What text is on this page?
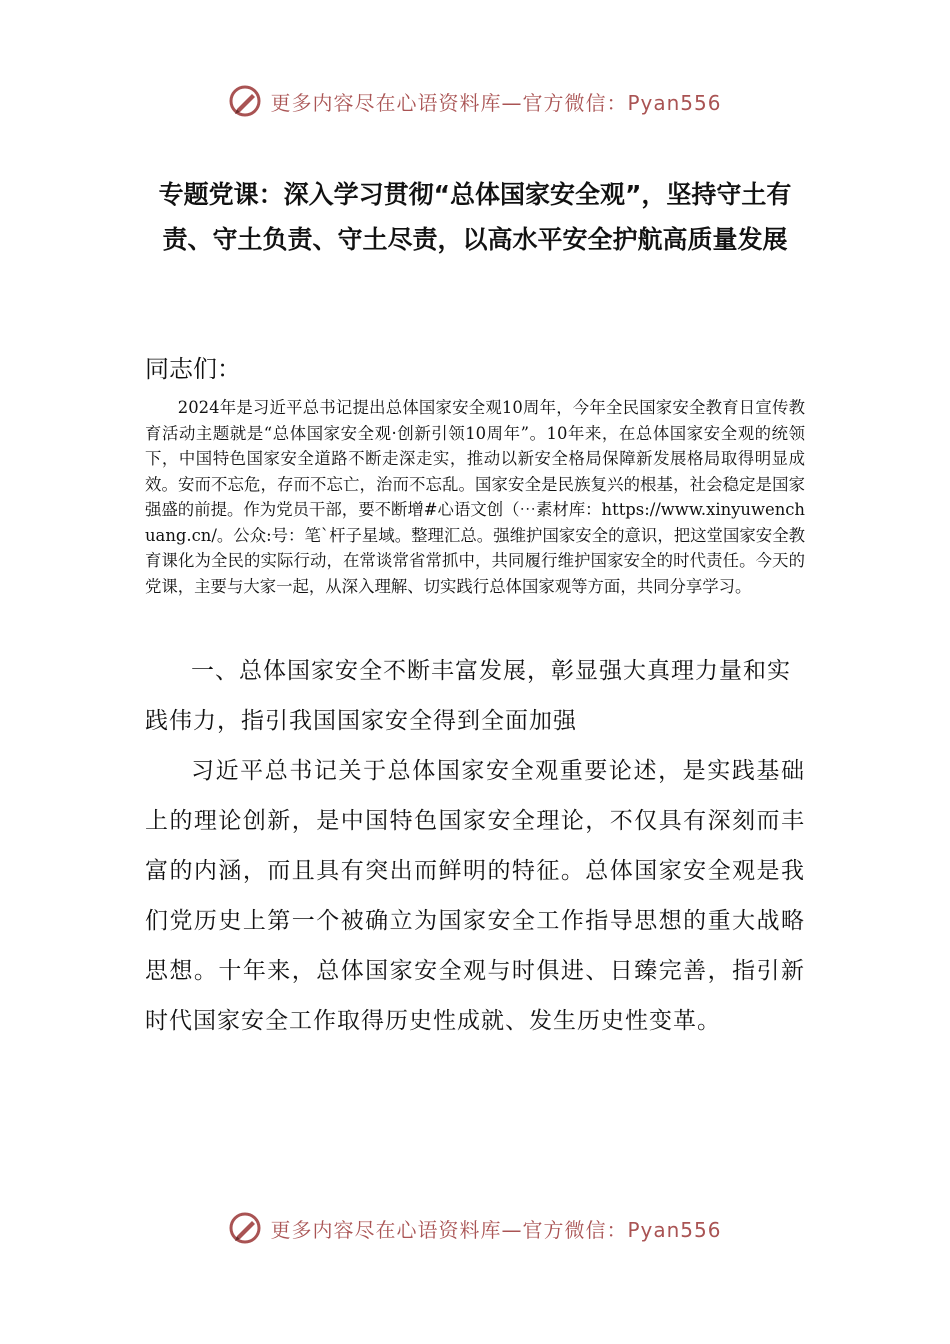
更多内容尽在心语资料库—官方微信：Pyan556
专题党课：深入学习贯彻“总体国家安全观”，坚持守土有责、守土负责、守土尽责，以高水平安全护航高质量发展

同志们：

2024年是习近平总书记提出总体国家安全观10周年，今年全民国家安全教育日宣传教育活动主题就是“总体国家安全观·创新引领10周年”。10年来，在总体国家安全观的统领下，中国特色国家安全道路不断走深走实，推动以新安全格局保障新发展格局取得明显成效。安而不忘危，存而不忘亡，治而不忘乱。国家安全是民族复兴的根基，社会稳定是国家强盛的前提。作为党员干部，要不断增#心语文创（⋯素材库：https://www.xinyuwenchuang.cn/。公众:号：笔`杆子星域。整理汇总。强维护国家安全的意识，把这堂国家安全教育课化为全民的实际行动，在常谈常省常抓中，共同履行维护国家安全的时代责任。今天的党课，主要与大家一起，从深入理解、切实践行总体国家观等方面，共同分享学习。

一、总体国家安全不断丰富发展，彰显强大真理力量和实践伟力，指引我国国家安全得到全面加强

习近平总书记关于总体国家安全观重要论述，是实践基础上的理论创新，是中国特色国家安全理论，不仅具有深刻而丰富的内涵，而且具有突出而鲜明的特征。总体国家安全观是我们党历史上第一个被确立为国家安全工作指导思想的重大战略思想。十年来，总体国家安全观与时俱进、日臻完善，指引新时代国家安全工作取得历史性成就、发生历史性变革。

更多内容尽在心语资料库—官方微信：Pyan556
